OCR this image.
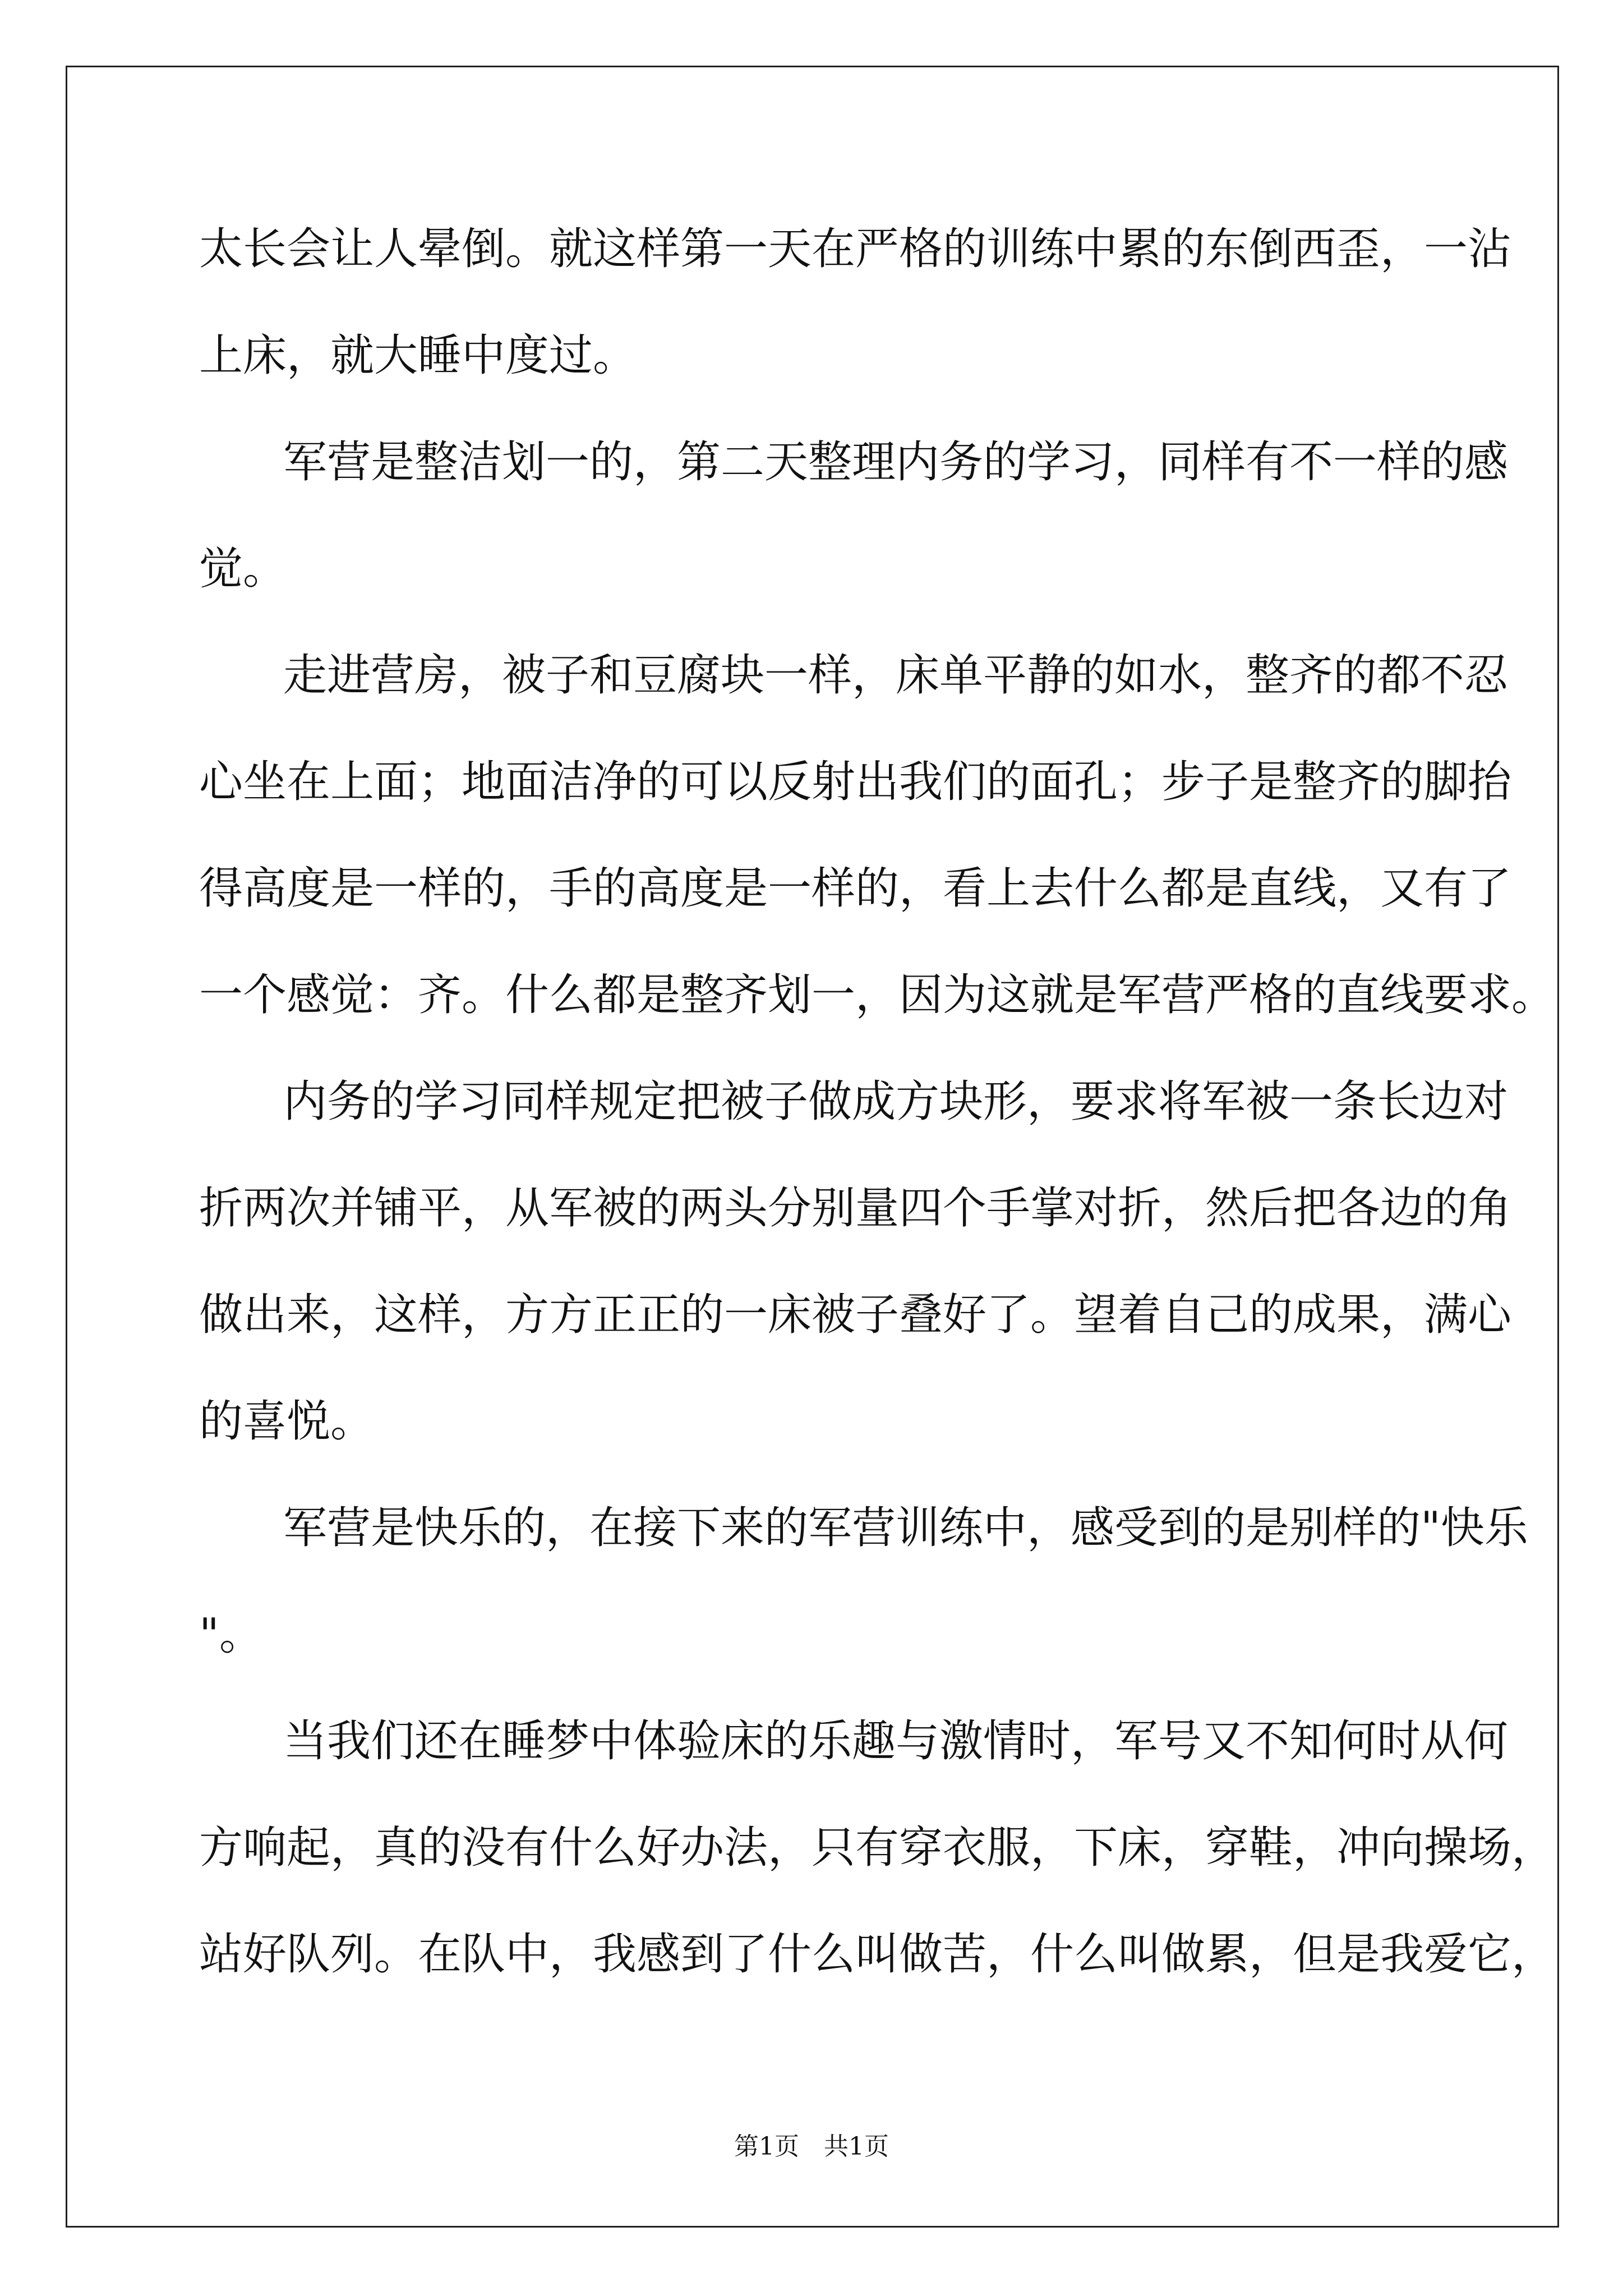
太长会让人晕倒。就这样第一天在严格的训练中累的东倒西歪，一沾
上床，就大睡中度过。
军营是整洁划一的，第二天整理内务的学习，同样有不一样的感
觉。
走进营房，被子和豆腐块一样，床单平静的如水，整齐的都不忍
心坐在上面；地面洁净的可以反射出我们的面孔；步子是整齐的脚抬
得高度是一样的，手的高度是一样的，看上去什么都是直线，又有了
一个感觉：齐。什么都是整齐划一，因为这就是军营严格的直线要求。
内务的学习同样规定把被子做成方块形，要求将军被一条长边对
折两次并铺平，从军被的两头分别量四个手掌对折，然后把各边的角
做出来，这样，方方正正的一床被子叠好了。望着自己的成果，满心
的喜悦。
军营是快乐的，在接下来的军营训练中，感受到的是别样的"快乐
"。
当我们还在睡梦中体验床的乐趣与激情时，军号又不知何时从何
方响起，真的没有什么好办法，只有穿衣服，下床，穿鞋，冲向操场，
站好队列。在队中，我感到了什么叫做苦，什么叫做累，但是我爱它，
第1页　共1页
